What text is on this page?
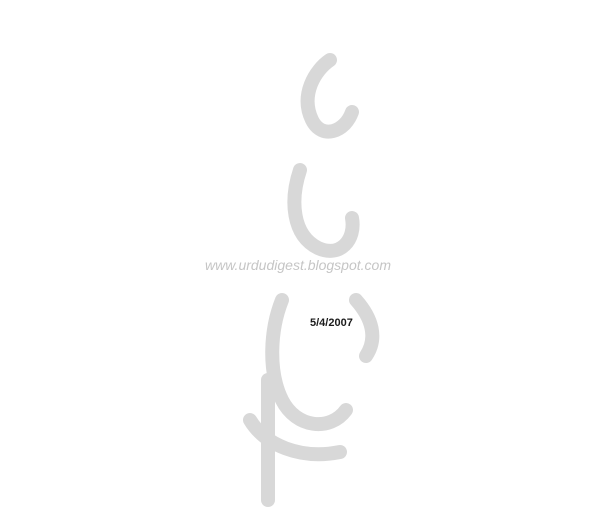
www.urdudigest.blogspot.com
5/4/2007
